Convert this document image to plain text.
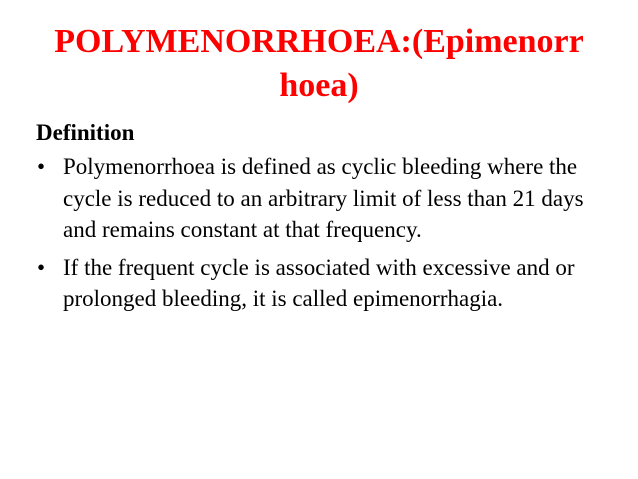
POLYMENORRHOEA:(Epimenorr
hoea)
Definition
• Polymenorrhoea is defined as cyclic bleeding where the cycle is reduced to an arbitrary limit of less than 21 days and remains constant at that frequency.
• If the frequent cycle is associated with excessive and or prolonged bleeding, it is called epimenorrhagia.
